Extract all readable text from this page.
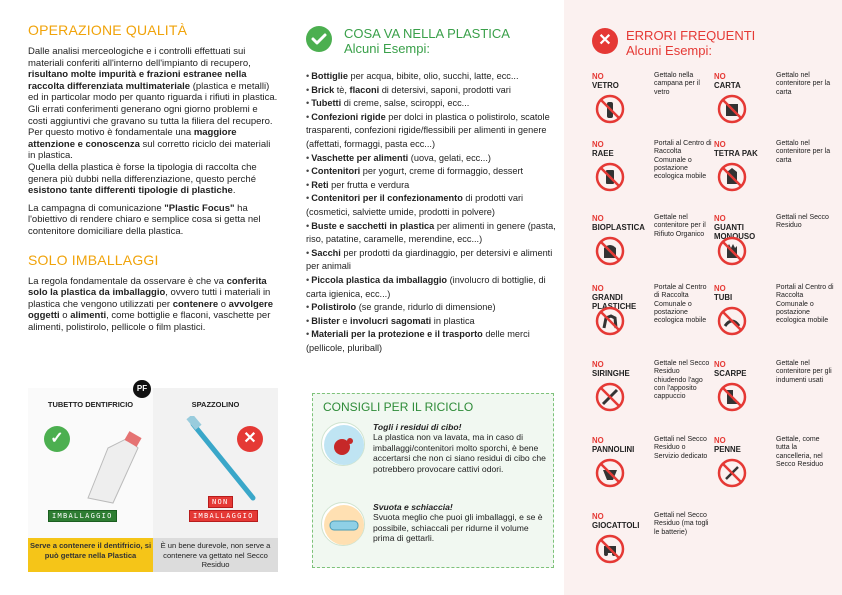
OPERAZIONE QUALITÀ

Dalle analisi merceologiche e i controlli effettuati sui materiali conferiti all'interno dell'impianto di recupero, risultano molte impurità e frazioni estranee nella raccolta differenziata multimateriale (plastica e metalli) ed in particolar modo per quanto riguarda i rifiuti in plastica.

Gli errati conferimenti generano ogni giorno problemi e costi aggiuntivi che gravano su tutta la filiera del recupero. Per questo motivo è fondamentale una maggiore attenzione e conoscenza sul corretto riciclo dei materiali in plastica.

Quella della plastica è forse la tipologia di raccolta che genera più dubbi nella differenziazione, questo perché esistono tante differenti tipologie di plastiche.

La campagna di comunicazione "Plastic Focus" ha l'obiettivo di rendere chiaro e semplice cosa si getta nel contenitore domiciliare della plastica.

SOLO IMBALLAGGI

La regola fondamentale da osservare è che va conferita solo la plastica da imballaggio, ovvero tutti i materiali in plastica che vengono utilizzati per contenere o avvolgere oggetti o alimenti, come bottiglie e flaconi, vaschette per alimenti, polistirolo, pellicole o film plastici.

TUBETTO DENTIFRICIO
✓
IMBALLAGGIO
SPAZZOLINO
✕
NON
IMBALLAGGIO
PF
Serve a contenere il dentifricio, si può gettare nella Plastica
È un bene durevole, non serve a contenere va gettato nel Secco Residuo
COSA VA NELLA PLASTICA
Alcuni Esempi:
• Bottiglie per acqua, bibite, olio, succhi, latte, ecc...
• Brick tè, flaconi di detersivi, saponi, prodotti vari
• Tubetti di creme, salse, sciroppi, ecc...
• Confezioni rigide per dolci in plastica o polistirolo, scatole trasparenti, confezioni rigide/flessibili per alimenti in genere (affettati, formaggi, pasta ecc...)
• Vaschette per alimenti (uova, gelati, ecc...)
• Contenitori per yogurt, creme di formaggio, dessert
• Reti per frutta e verdura
• Contenitori per il confezionamento di prodotti vari (cosmetici, salviette umide, prodotti in polvere)
• Buste e sacchetti in plastica per alimenti in genere (pasta, riso, patatine, caramelle, merendine, ecc...)
• Sacchi per prodotti da giardinaggio, per detersivi e alimenti per animali
• Piccola plastica da imballaggio (involucro di bottiglie, di carta igienica, ecc...)
• Polistirolo (se grande, ridurlo di dimensione)
• Blister e involucri sagomati in plastica
• Materiali per la protezione e il trasporto delle merci (pellicole, pluriball)
CONSIGLI PER IL RICICLO
Togli i residui di cibo!
La plastica non va lavata, ma in caso di imballaggi/contenitori molto sporchi, è bene accertarsi che non ci siano residui di cibo che potrebbero provocare cattivi odori.
Svuota e schiaccia!
Svuota meglio che puoi gli imballaggi, e se è possibile, schiaccali per ridurne il volume prima di gettarli.
✕	ERRORI FREQUENTI
Alcuni Esempi:
NO
VETRO
Gettalo nella campana per il vetro
NO
CARTA
Gettalo nel contenitore per la carta
NO
RAEE
Portali al Centro di Raccolta Comunale o postazione ecologica mobile
NO
TETRA PAK
Gettalo nel contenitore per la carta
NO
BIOPLASTICA
Gettale nel contenitore per il Rifiuto Organico
NO
GUANTI MONOUSO
Gettali nel Secco Residuo
NO
GRANDI PLASTICHE
Portale al Centro di Raccolta Comunale o postazione ecologica mobile
NO
TUBI
Portali al Centro di Raccolta Comunale o postazione ecologica mobile
NO
SIRINGHE
Gettale nel Secco Residuo chiudendo l'ago con l'apposito cappuccio
NO
SCARPE
Gettale nel contenitore per gli indumenti usati
NO
PANNOLINI
Gettali nel Secco Residuo o Servizio dedicato
NO
PENNE
Gettale, come tutta la cancelleria, nel Secco Residuo
NO
GIOCATTOLI
Gettali nel Secco Residuo (ma togli le batterie)
